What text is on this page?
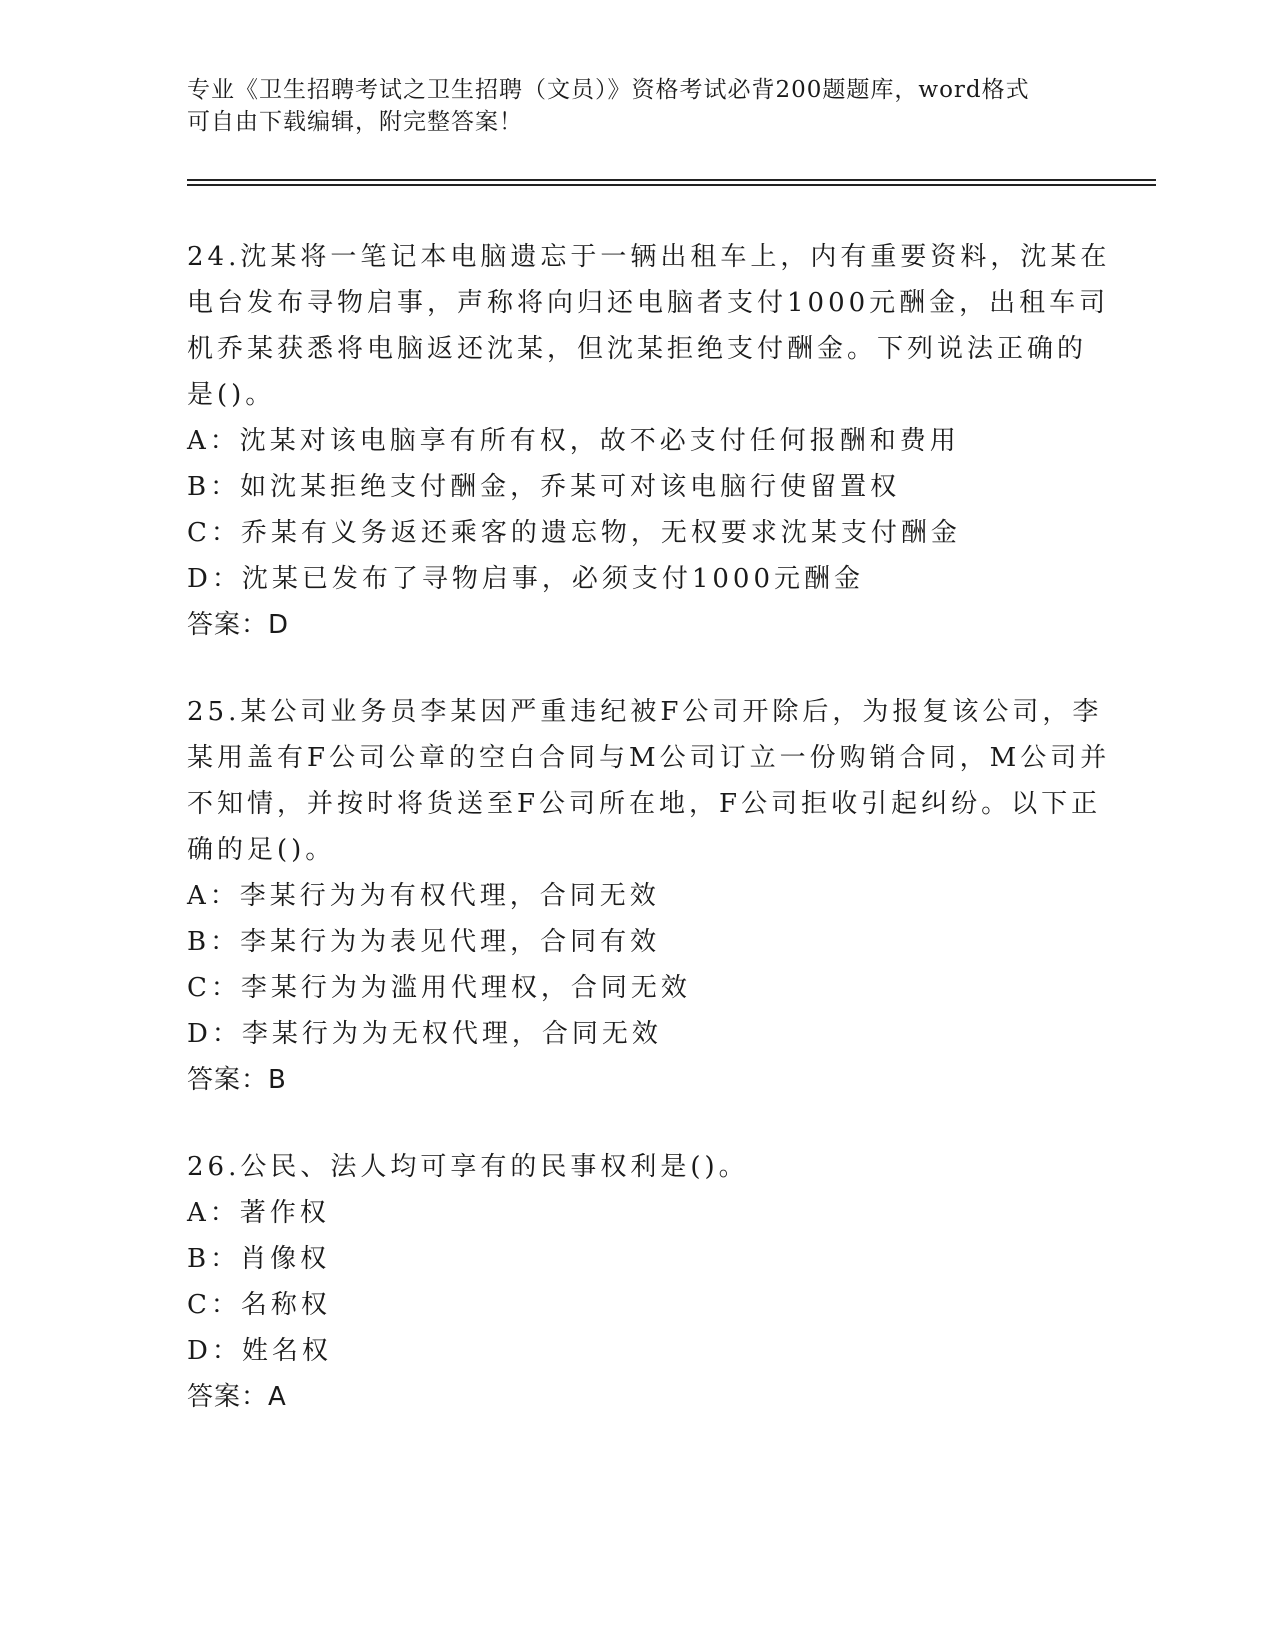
专业《卫生招聘考试之卫生招聘（文员）》资格考试必背200题题库，word格式
可自由下载编辑，附完整答案！
24.沈某将一笔记本电脑遗忘于一辆出租车上，内有重要资料，沈某在
电台发布寻物启事，声称将向归还电脑者支付1000元酬金，出租车司
机乔某获悉将电脑返还沈某，但沈某拒绝支付酬金。下列说法正确的
是()。
A：沈某对该电脑享有所有权，故不必支付任何报酬和费用
B：如沈某拒绝支付酬金，乔某可对该电脑行使留置权
C：乔某有义务返还乘客的遗忘物，无权要求沈某支付酬金
D：沈某已发布了寻物启事，必须支付1000元酬金
答案：D
25.某公司业务员李某因严重违纪被F公司开除后，为报复该公司，李
某用盖有F公司公章的空白合同与M公司订立一份购销合同，M公司并
不知情，并按时将货送至F公司所在地，F公司拒收引起纠纷。以下正
确的足()。
A：李某行为为有权代理，合同无效
B：李某行为为表见代理，合同有效
C：李某行为为滥用代理权，合同无效
D：李某行为为无权代理，合同无效
答案：B
26.公民、法人均可享有的民事权利是()。
A：著作权
B：肖像权
C：名称权
D：姓名权
答案：A
